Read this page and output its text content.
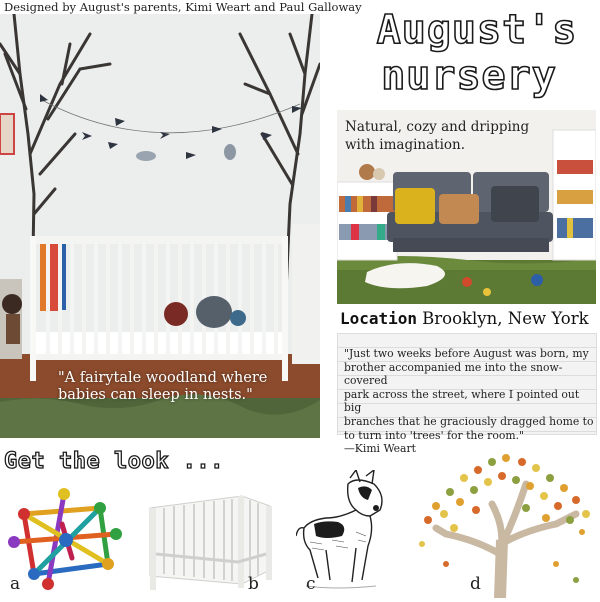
Designed by August's parents, Kimi Weart and Paul Galloway
"A fairytale woodland where
babies can sleep in nests."
August's
nursery
Natural, cozy and dripping
with imagination.
Location Brooklyn, New York
"Just two weeks before August was born, my
brother accompanied me into the snow-covered
park across the street, where I pointed out big
branches that he graciously dragged home to
to turn into 'trees' for the room."
—Kimi Weart
Get the look ...
a	b	c	d
